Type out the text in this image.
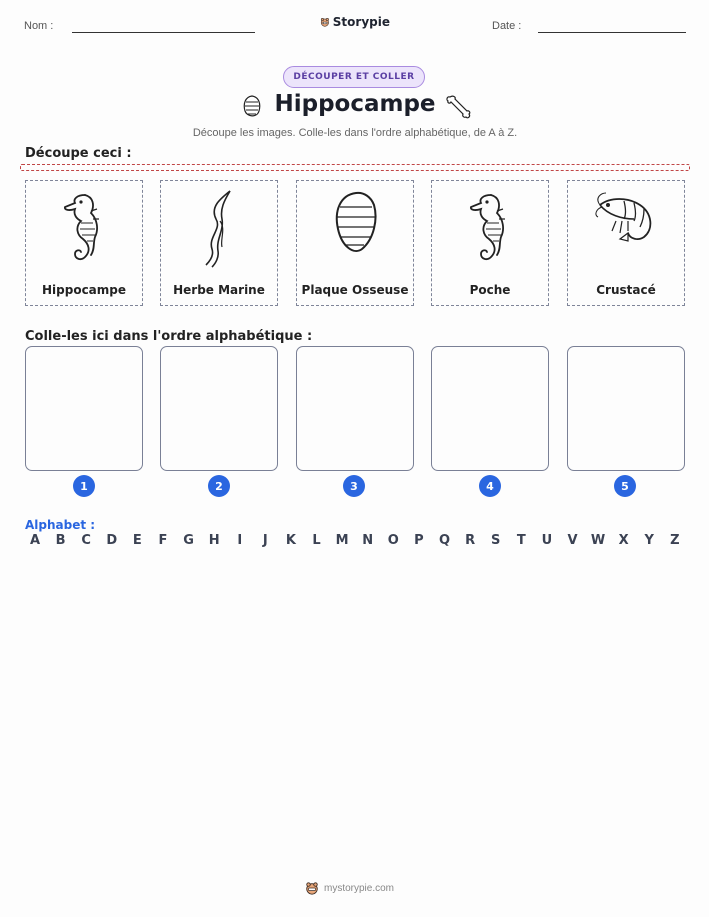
Nom :	Storypie	Date :
DÉCOUPER ET COLLER
Hippocampe
Découpe les images. Colle-les dans l'ordre alphabétique, de A à Z.
Découpe ceci :
Hippocampe	Herbe Marine	Plaque Osseuse	Poche	Crustacé
Colle-les ici dans l'ordre alphabétique :
1	2	3	4	5
Alphabet :
A	B	C	D	E	F	G	H	I	J	K	L	M	N	O	P	Q	R	S	T	U	V	W	X	Y	Z
mystorypie.com
